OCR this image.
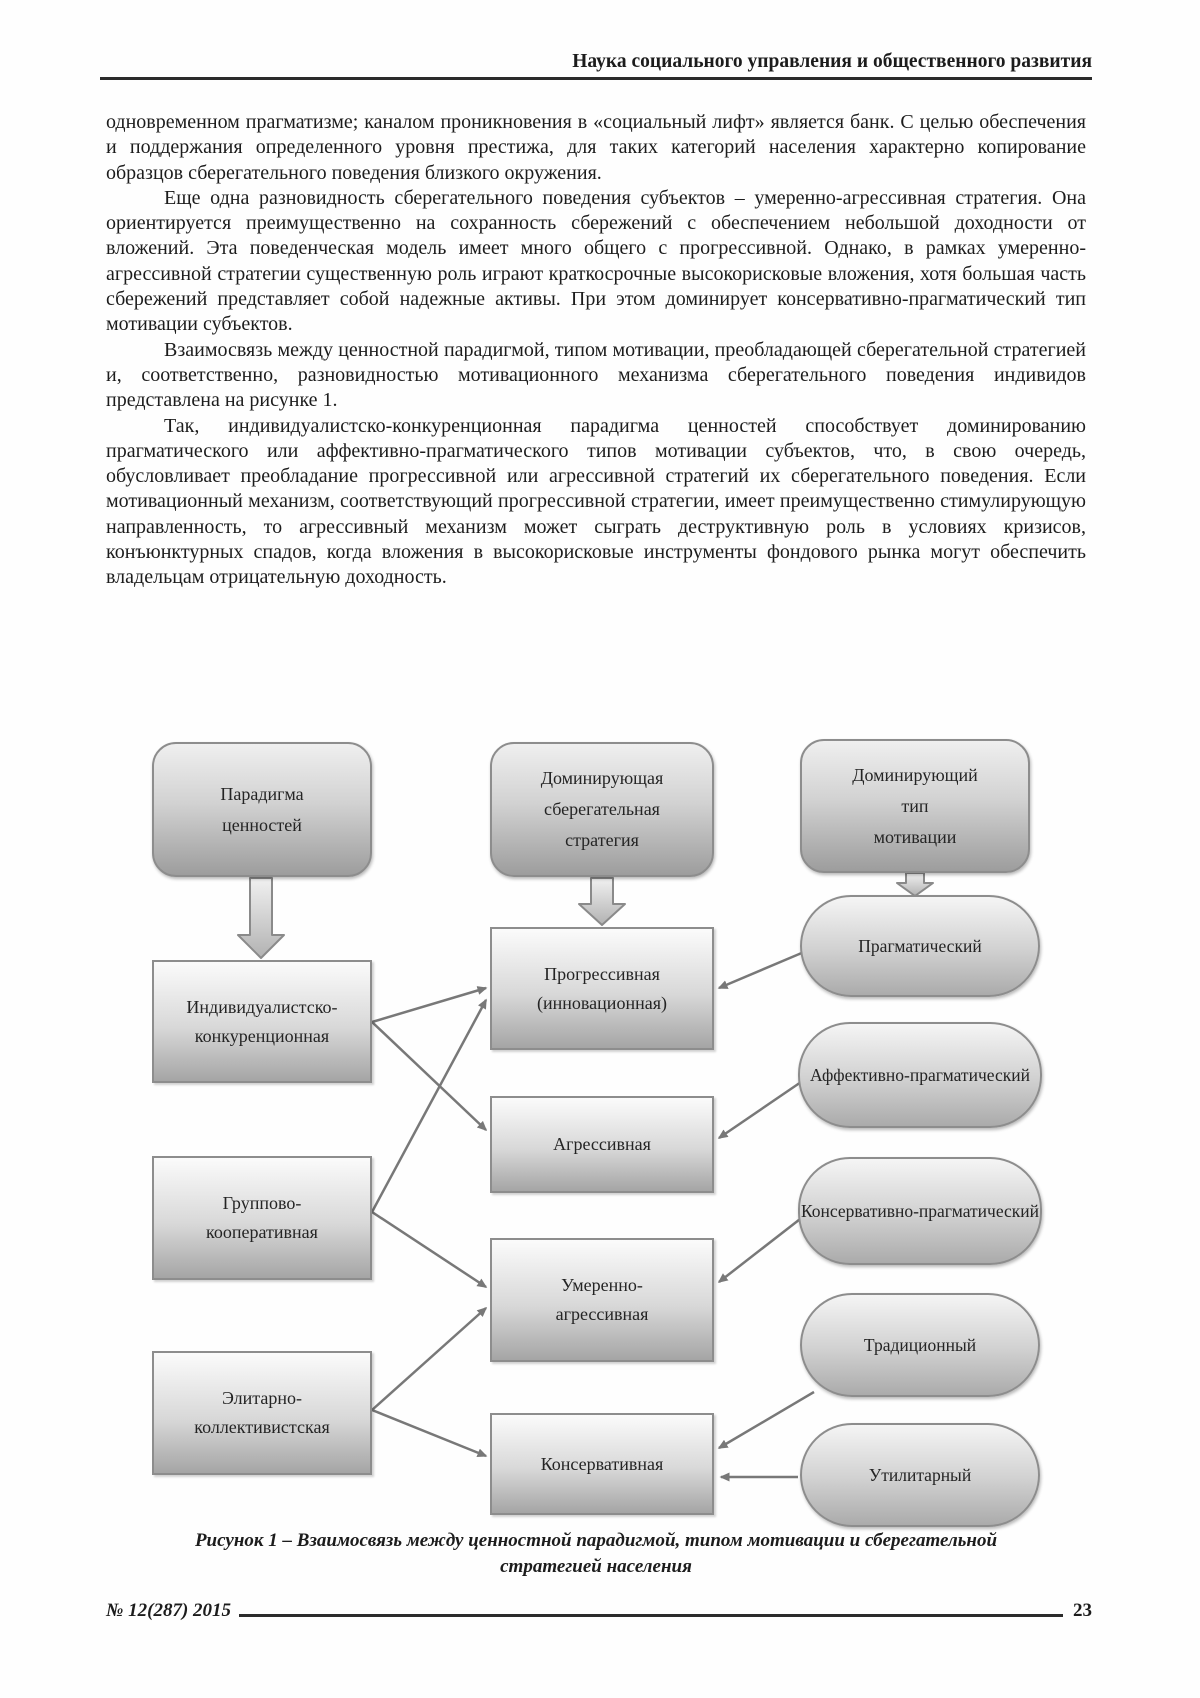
Наука социального управления и общественного развития

одновременном прагматизме; каналом проникновения в «социальный лифт» является банк. С целью обеспечения и поддержания определенного уровня престижа, для таких категорий населения характерно копирование образцов сберегательного поведения близкого окружения.

Еще одна разновидность сберегательного поведения субъектов – умеренно-агрессивная стратегия. Она ориентируется преимущественно на сохранность сбережений с обеспечением небольшой доходности от вложений. Эта поведенческая модель имеет много общего с прогрессивной. Однако, в рамках умеренно-агрессивной стратегии существенную роль играют краткосрочные высокорисковые вложения, хотя большая часть сбережений представляет собой надежные активы. При этом доминирует консервативно-прагматический тип мотивации субъектов.

Взаимосвязь между ценностной парадигмой, типом мотивации, преобладающей сберегательной стратегией и, соответственно, разновидностью мотивационного механизма сберегательного поведения индивидов представлена на рисунке 1.

Так, индивидуалистско-конкуренционная парадигма ценностей способствует доминированию прагматического или аффективно-прагматического типов мотивации субъектов, что, в свою очередь, обусловливает преобладание прогрессивной или агрессивной стратегий их сберегательного поведения. Если мотивационный механизм, соответствующий прогрессивной стратегии, имеет преимущественно стимулирующую направленность, то агрессивный механизм может сыграть деструктивную роль в условиях кризисов, конъюнктурных спадов, когда вложения в высокорисковые инструменты фондового рынка могут обеспечить владельцам отрицательную доходность.

Парадигма
ценностей
Доминирующая
сберегательная
стратегия
Доминирующий
тип
мотивации
Индивидуалистско-
конкуренционная
Группово-
кооперативная
Элитарно-
коллективистская
Прогрессивная
(инновационная)
Агрессивная
Умеренно-
агрессивная
Консервативная
Прагматический
Аффективно-прагматический
Консервативно-прагматический
Традиционный
Утилитарный
Рисунок 1 – Взаимосвязь между ценностной парадигмой, типом мотивации и сберегательной
стратегией населения
№ 12(287) 2015	23
